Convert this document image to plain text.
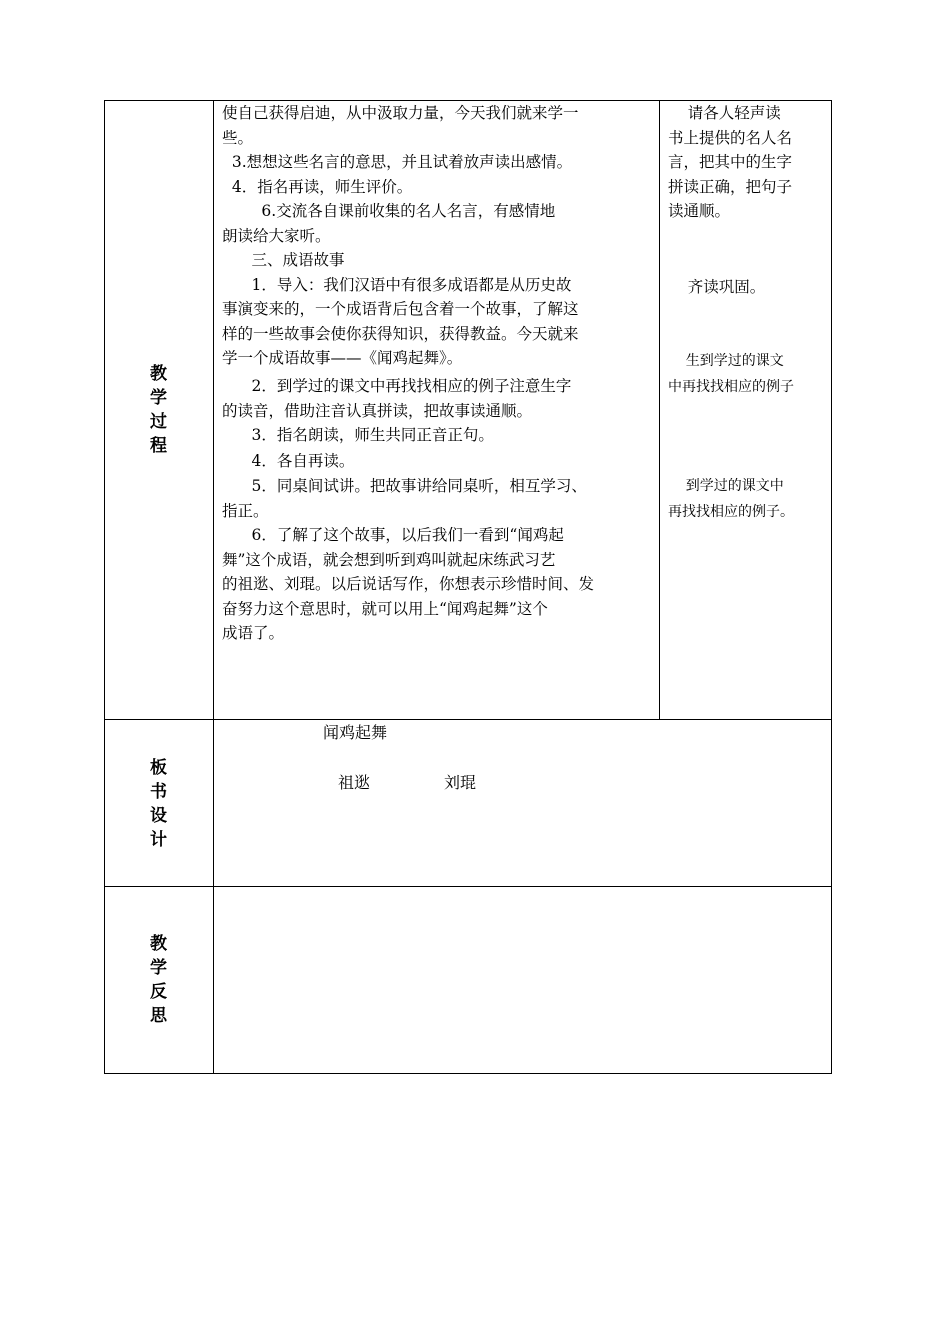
教
学
过
程
板
书
设
计
教
学
反
思
使自己获得启迪，从中汲取力量，今天我们就来学一
些。
3.想想这些名言的意思，并且试着放声读出感情。
4．指名再读，师生评价。
6.交流各自课前收集的名人名言，有感情地
朗读给大家听。
三、成语故事
1．导入：我们汉语中有很多成语都是从历史故
事演变来的，一个成语背后包含着一个故事，了解这
样的一些故事会使你获得知识，获得教益。今天就来
学一个成语故事——《闻鸡起舞》。
2．到学过的课文中再找找相应的例子注意生字
的读音，借助注音认真拼读，把故事读通顺。
3．指名朗读，师生共同正音正句。
4．各自再读。
5．同桌间试讲。把故事讲给同桌听，相互学习、
指正。
6．了解了这个故事，以后我们一看到“闻鸡起
舞”这个成语，就会想到听到鸡叫就起床练武习艺
的祖逖、刘琨。以后说话写作，你想表示珍惜时间、发
奋努力这个意思时，就可以用上“闻鸡起舞”这个
成语了。
请各人轻声读
书上提供的名人名
言，把其中的生字
拼读正确，把句子
读通顺。
齐读巩固。
生到学过的课文
中再找找相应的例子
到学过的课文中
再找找相应的例子。
闻鸡起舞
祖逖	刘琨
